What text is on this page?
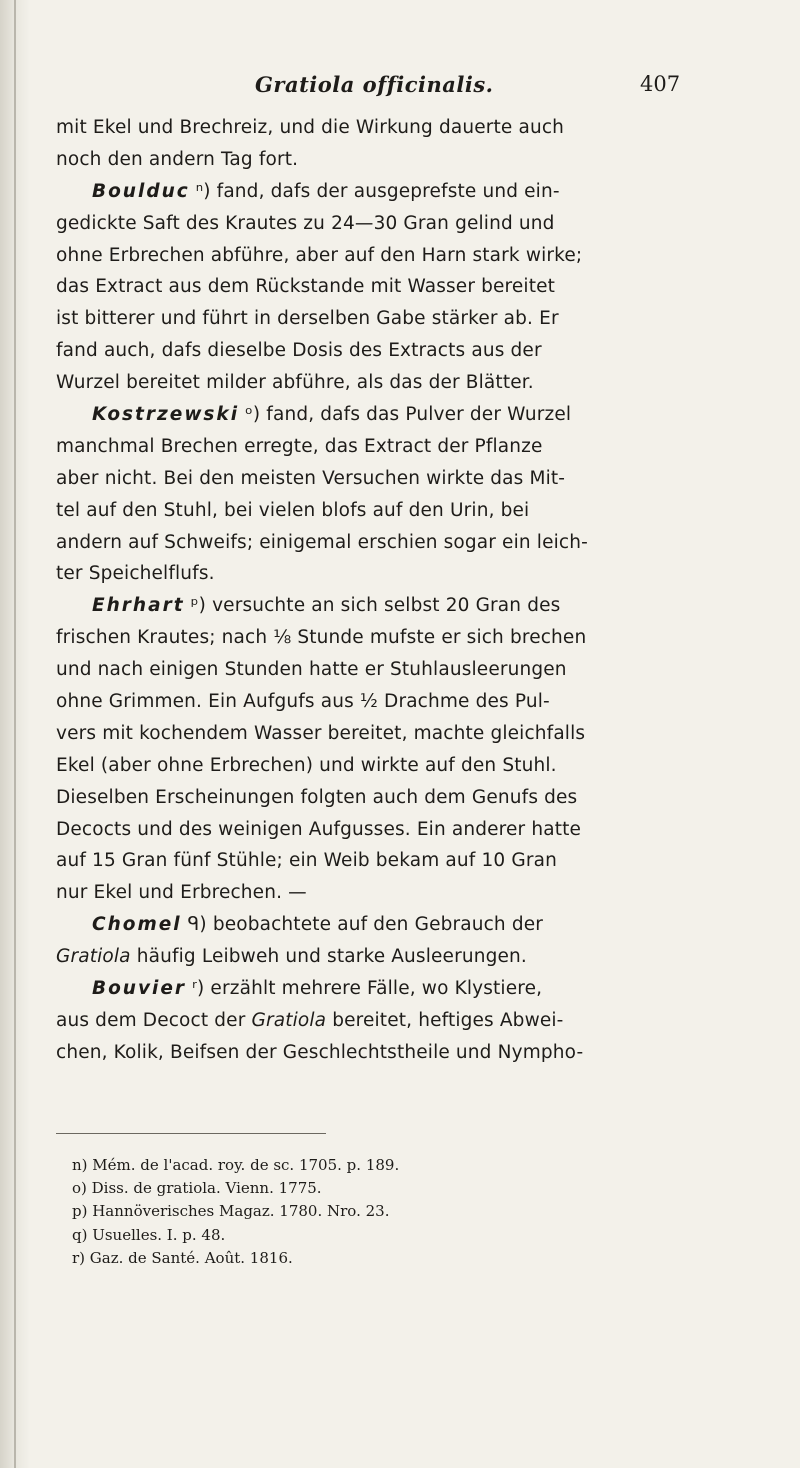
Gratiola officinalis.	407
mit Ekel und Brechreiz, und die Wirkung dauerte auch
noch den andern Tag fort.
Boulduc ⁿ) fand, dafs der ausgeprefste und ein-
gedickte Saft des Krautes zu 24—30 Gran gelind und
ohne Erbrechen abführe, aber auf den Harn stark wirke;
das Extract aus dem Rückstande mit Wasser bereitet
ist bitterer und führt in derselben Gabe stärker ab. Er
fand auch, dafs dieselbe Dosis des Extracts aus der
Wurzel bereitet milder abführe, als das der Blätter.
Kostrzewski ᵒ) fand, dafs das Pulver der Wurzel
manchmal Brechen erregte, das Extract der Pflanze
aber nicht. Bei den meisten Versuchen wirkte das Mit-
tel auf den Stuhl, bei vielen blofs auf den Urin, bei
andern auf Schweifs; einigemal erschien sogar ein leich-
ter Speichelflufs.
Ehrhart ᵖ) versuchte an sich selbst 20 Gran des
frischen Krautes; nach ⅛ Stunde mufste er sich brechen
und nach einigen Stunden hatte er Stuhlausleerungen
ohne Grimmen. Ein Aufgufs aus ½ Drachme des Pul-
vers mit kochendem Wasser bereitet, machte gleichfalls
Ekel (aber ohne Erbrechen) und wirkte auf den Stuhl.
Dieselben Erscheinungen folgten auch dem Genufs des
Decocts und des weinigen Aufgusses. Ein anderer hatte
auf 15 Gran fünf Stühle; ein Weib bekam auf 10 Gran
nur Ekel und Erbrechen. —
Chomel ᑫ) beobachtete auf den Gebrauch der
Gratiola häufig Leibweh und starke Ausleerungen.
Bouvier ʳ) erzählt mehrere Fälle, wo Klystiere,
aus dem Decoct der Gratiola bereitet, heftiges Abwei-
chen, Kolik, Beifsen der Geschlechtstheile und Nympho-
n) Mém. de l'acad. roy. de sc. 1705. p. 189.
o) Diss. de gratiola. Vienn. 1775.
p) Hannöverisches Magaz. 1780. Nro. 23.
q) Usuelles. I. p. 48.
r) Gaz. de Santé. Août. 1816.
